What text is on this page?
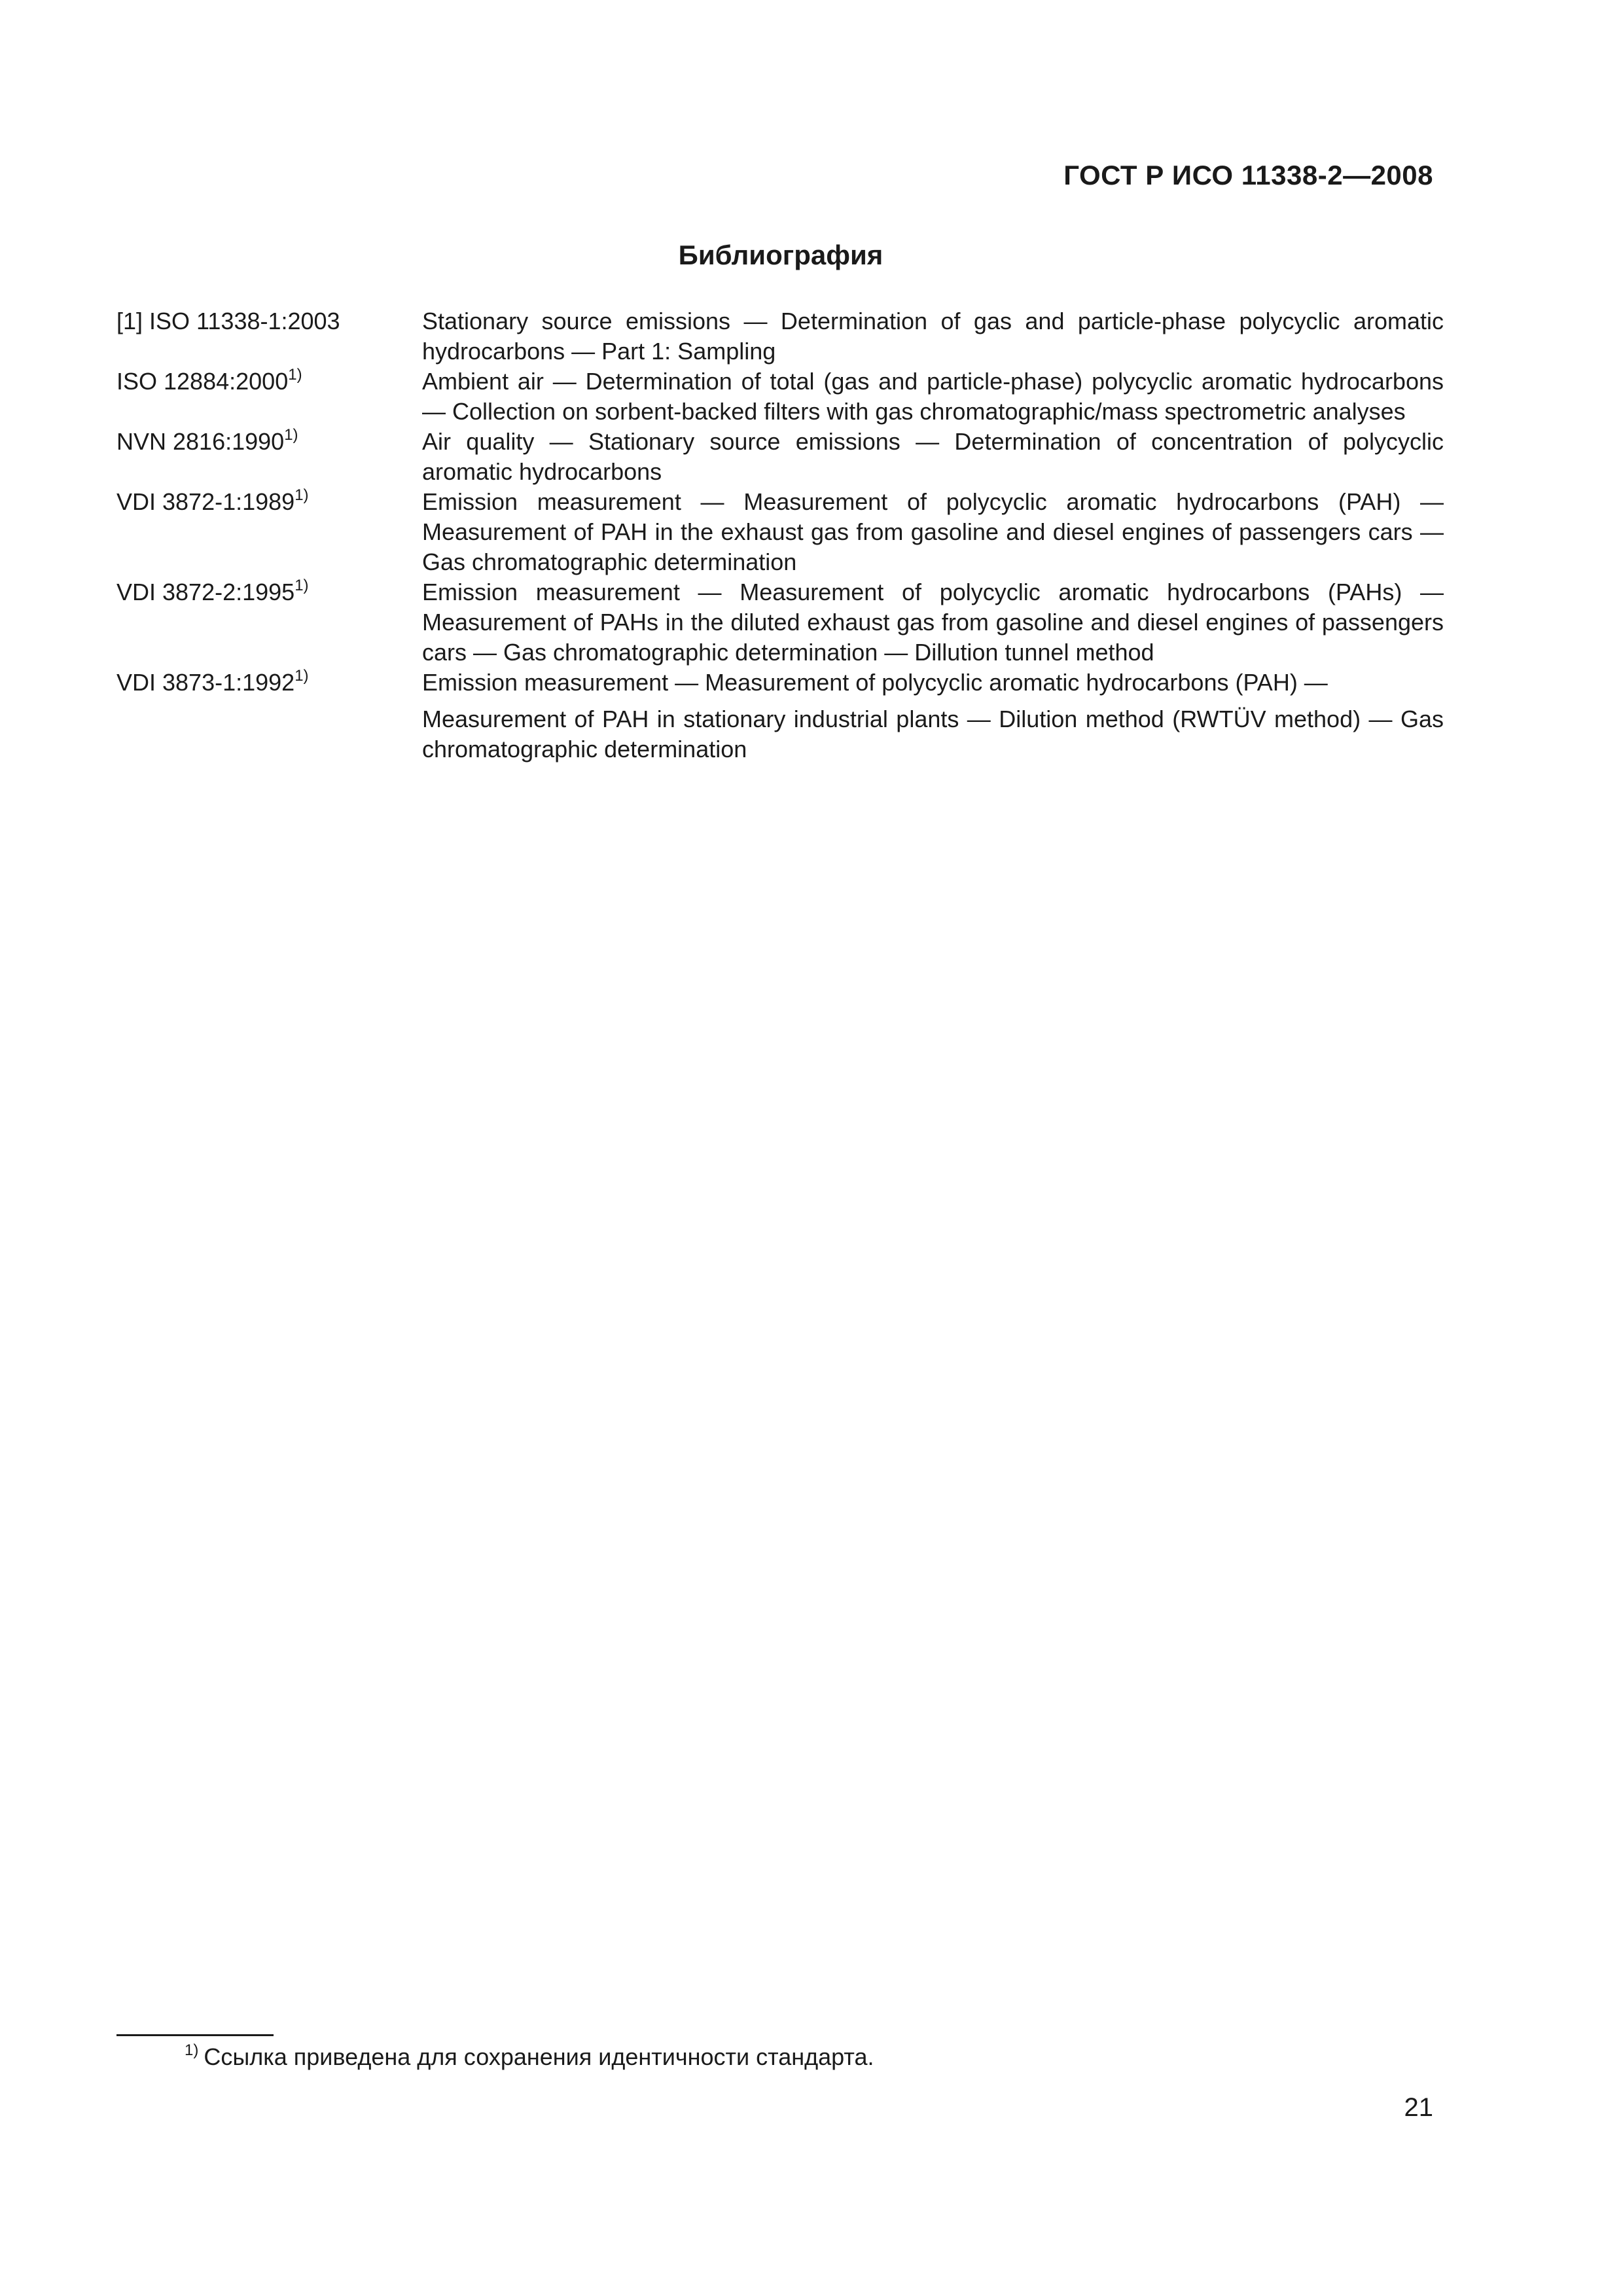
ГОСТ Р ИСО 11338-2—2008
Библиография
[1] ISO 11338-1:2003	Stationary source emissions — Determination of gas and particle-phase polycyclic aromatic hydrocarbons — Part 1: Sampling
ISO 12884:2000$^{1)}$	Ambient air — Determination of total (gas and particle-phase) polycyclic aromatic hydrocarbons — Collection on sorbent-backed filters with gas chromatographic/mass spectrometric analyses
NVN 2816:1990$^{1)}$	Air quality — Stationary source emissions — Determination of concentration of polycyclic aromatic hydrocarbons
VDI 3872-1:1989$^{1)}$	Emission measurement — Measurement of polycyclic aromatic hydrocarbons (PAH) — Measurement of PAH in the exhaust gas from gasoline and diesel engines of passengers cars — Gas chromatographic determination
VDI 3872-2:1995$^{1)}$	Emission measurement — Measurement of polycyclic aromatic hydrocarbons (PAHs) — Measurement of PAHs in the diluted exhaust gas from gasoline and diesel engines of passengers cars — Gas chromatographic determination — Dillution tunnel method
VDI 3873-1:1992$^{1)}$	Emission measurement — Measurement of polycyclic aromatic hydrocarbons (PAH) —
Measurement of PAH in stationary industrial plants — Dilution method (RWTÜV method) — Gas chromatographic determination
$^{1)}$ Ссылка приведена для сохранения идентичности стандарта.
21
